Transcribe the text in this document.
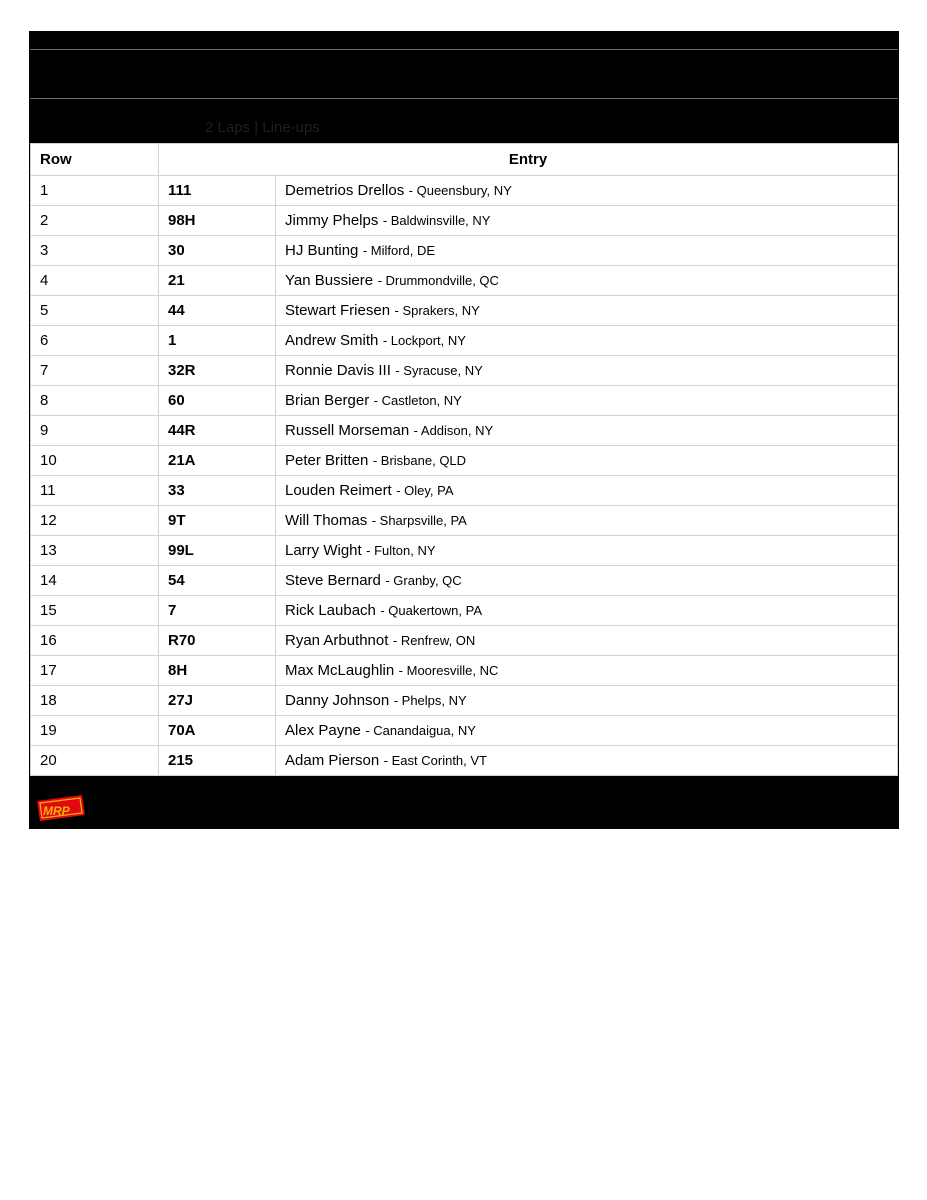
2 Laps | Line-ups
Row	Entry	
1	111	Demetrios Drellos - Queensbury, NY
2	98H	Jimmy Phelps - Baldwinsville, NY
3	30	HJ Bunting - Milford, DE
4	21	Yan Bussiere - Drummondville, QC
5	44	Stewart Friesen - Sprakers, NY
6	1	Andrew Smith - Lockport, NY
7	32R	Ronnie Davis III - Syracuse, NY
8	60	Brian Berger - Castleton, NY
9	44R	Russell Morseman - Addison, NY
10	21A	Peter Britten - Brisbane, QLD
11	33	Louden Reimert - Oley, PA
12	9T	Will Thomas - Sharpsville, PA
13	99L	Larry Wight - Fulton, NY
14	54	Steve Bernard - Granby, QC
15	7	Rick Laubach - Quakertown, PA
16	R70	Ryan Arbuthnot - Renfrew, ON
17	8H	Max McLaughlin - Mooresville, NC
18	27J	Danny Johnson - Phelps, NY
19	70A	Alex Payne - Canandaigua, NY
20	215	Adam Pierson - East Corinth, VT
MRP
